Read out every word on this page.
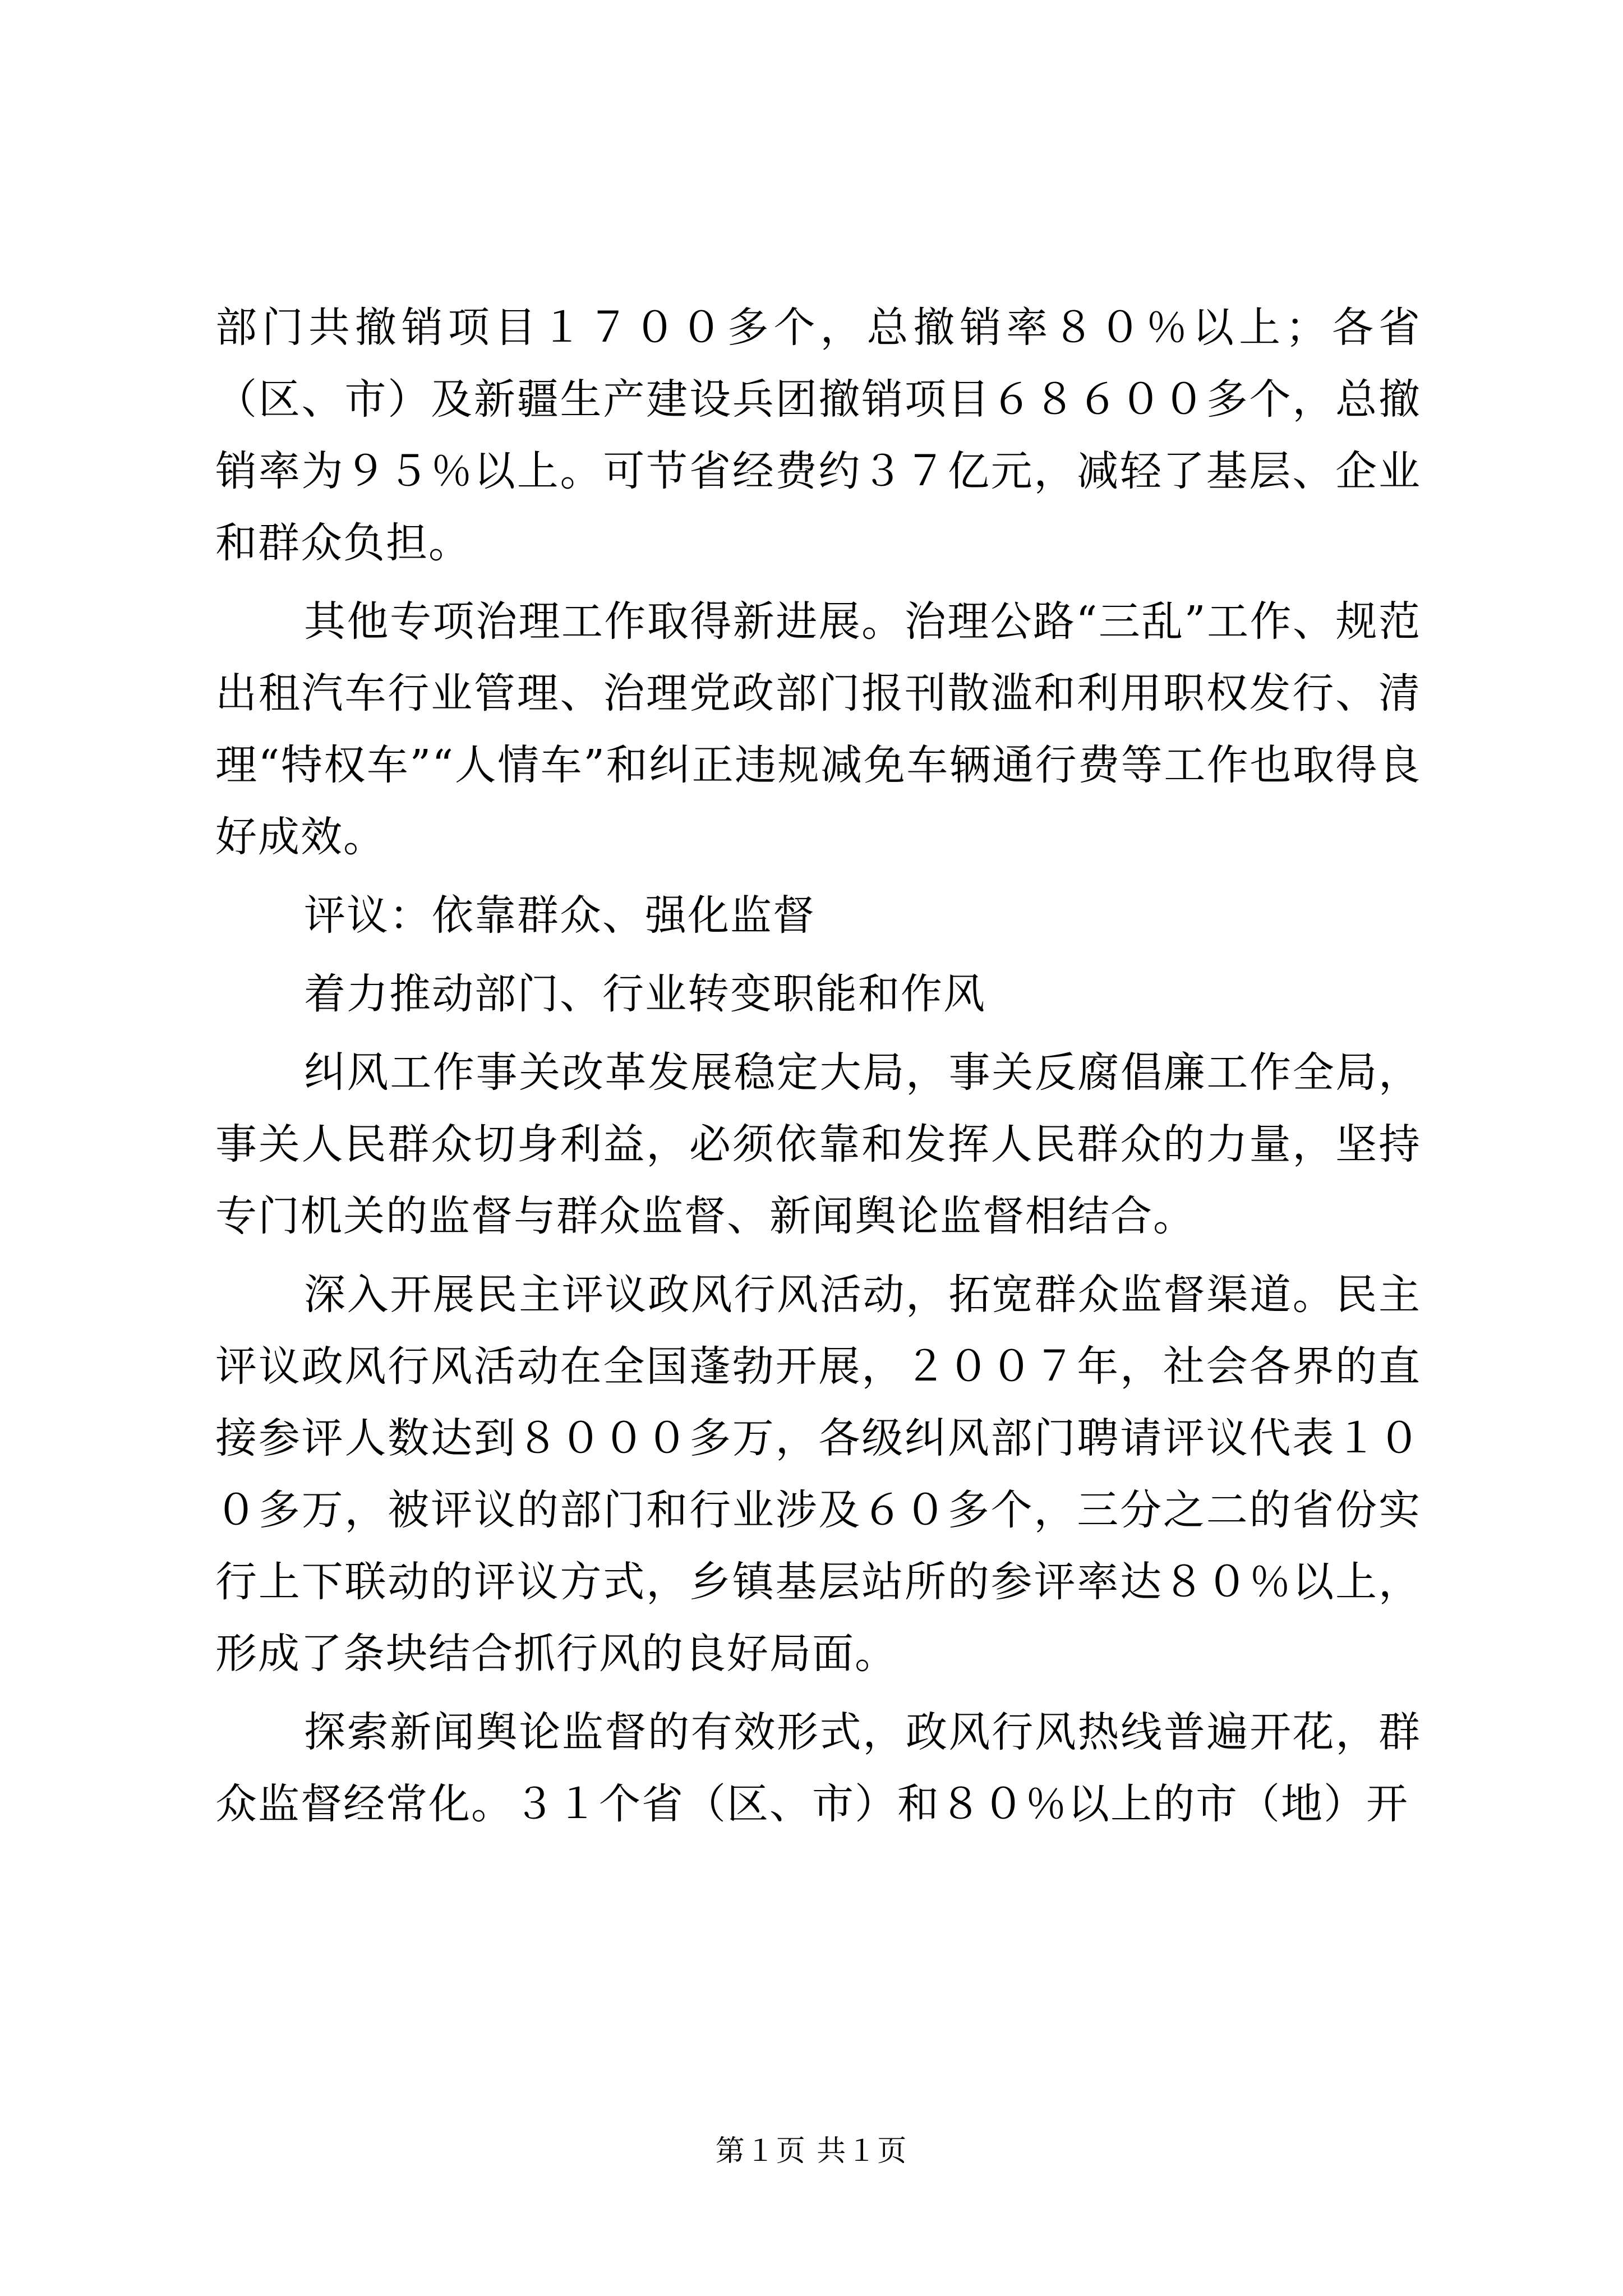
部门共撤销项目１７００多个，总撤销率８０％以上；各省（区、市）及新疆生产建设兵团撤销项目６８６００多个，总撤销率为９５％以上。可节省经费约３７亿元，减轻了基层、企业和群众负担。

其他专项治理工作取得新进展。治理公路“三乱”工作、规范出租汽车行业管理、治理党政部门报刊散滥和利用职权发行、清理“特权车”“人情车”和纠正违规减免车辆通行费等工作也取得良好成效。

评议：依靠群众、强化监督

着力推动部门、行业转变职能和作风

纠风工作事关改革发展稳定大局，事关反腐倡廉工作全局，事关人民群众切身利益，必须依靠和发挥人民群众的力量，坚持专门机关的监督与群众监督、新闻舆论监督相结合。

深入开展民主评议政风行风活动，拓宽群众监督渠道。民主评议政风行风活动在全国蓬勃开展，２００７年，社会各界的直接参评人数达到８０００多万，各级纠风部门聘请评议代表１００多万，被评议的部门和行业涉及６０多个，三分之二的省份实行上下联动的评议方式，乡镇基层站所的参评率达８０％以上，形成了条块结合抓行风的良好局面。

探索新闻舆论监督的有效形式，政风行风热线普遍开花，群众监督经常化。３１个省（区、市）和８０％以上的市（地）开

第１页 共１页
